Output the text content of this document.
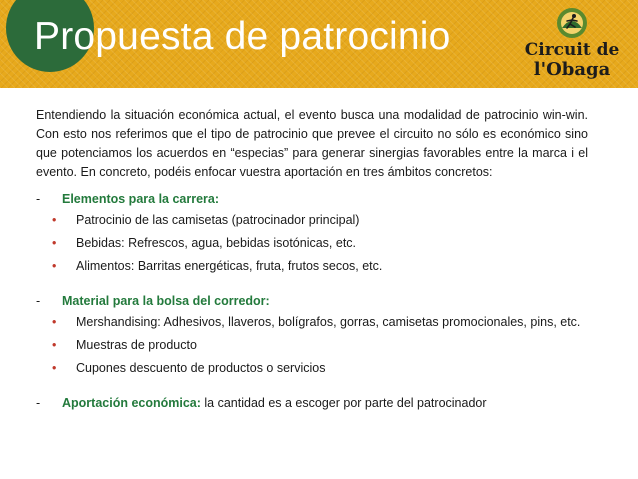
Propuesta de patrocinio	Circuit de
l'Obaga

Entendiendo la situación económica actual, el evento busca una modalidad de patrocinio win-win. Con esto nos referimos que el tipo de patrocinio que prevee el circuito no sólo es económico sino que potenciamos los acuerdos en “especias” para generar sinergias favorables entre la marca i el evento. En concreto, podéis enfocar vuestra aportación en tres ámbitos concretos:

-	Elementos para la carrera:
•	Patrocinio de las camisetas (patrocinador principal)
•	Bebidas: Refrescos, agua, bebidas isotónicas, etc.
•	Alimentos: Barritas energéticas, fruta, frutos secos, etc.
-	Material para la bolsa del corredor:
•	Mershandising: Adhesivos, llaveros, bolígrafos, gorras, camisetas promocionales, pins, etc.
•	Muestras de producto
•	Cupones descuento de productos o servicios
-	Aportación económica: la cantidad es a escoger por parte del patrocinador
